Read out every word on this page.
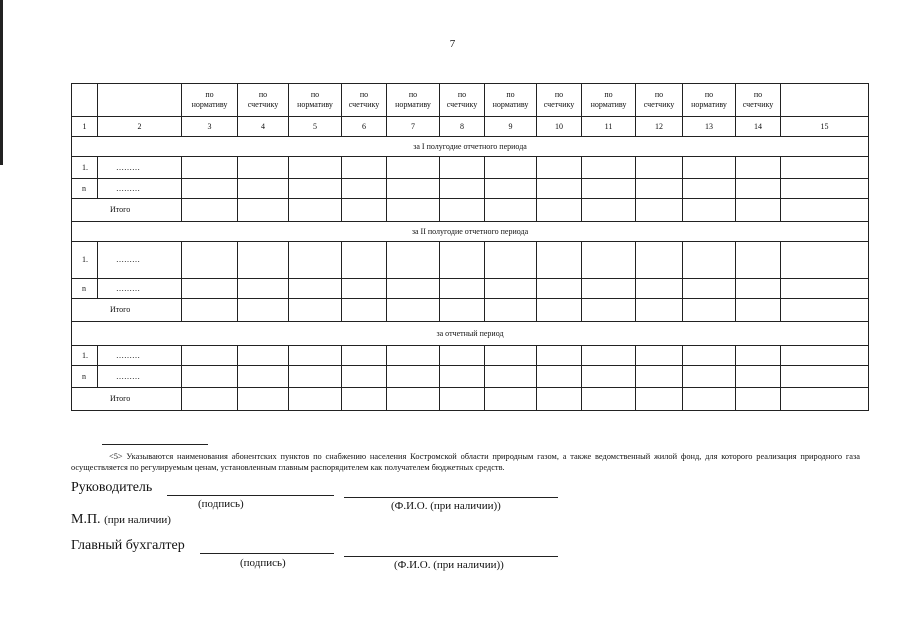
7
		по нормативу	по счетчику	по нормативу	по счетчику	по нормативу	по счетчику	по нормативу	по счетчику	по нормативу	по счетчику	по нормативу	по счетчику	
1	2	3	4	5	6	7	8	9	10	11	12	13	14	15
за I полугодие отчетного периода														
1.	………													
n	………													
Итого														
за II полугодие отчетного периода														
1.	………													
n	………													
Итого														
за отчетный период														
1.	………													
n	………													
Итого														
<5> Указываются наименования абонентских пунктов по снабжению населения Костромской области природным газом, а также ведомственный жилой фонд, для которого реализация природного газа осуществляется по регулируемым ценам, установленным главным распорядителем как получателем бюджетных средств.
Руководитель
(подпись)	(Ф.И.О. (при наличии))
М.П. (при наличии)
Главный бухгалтер
(подпись)	(Ф.И.О. (при наличии))
